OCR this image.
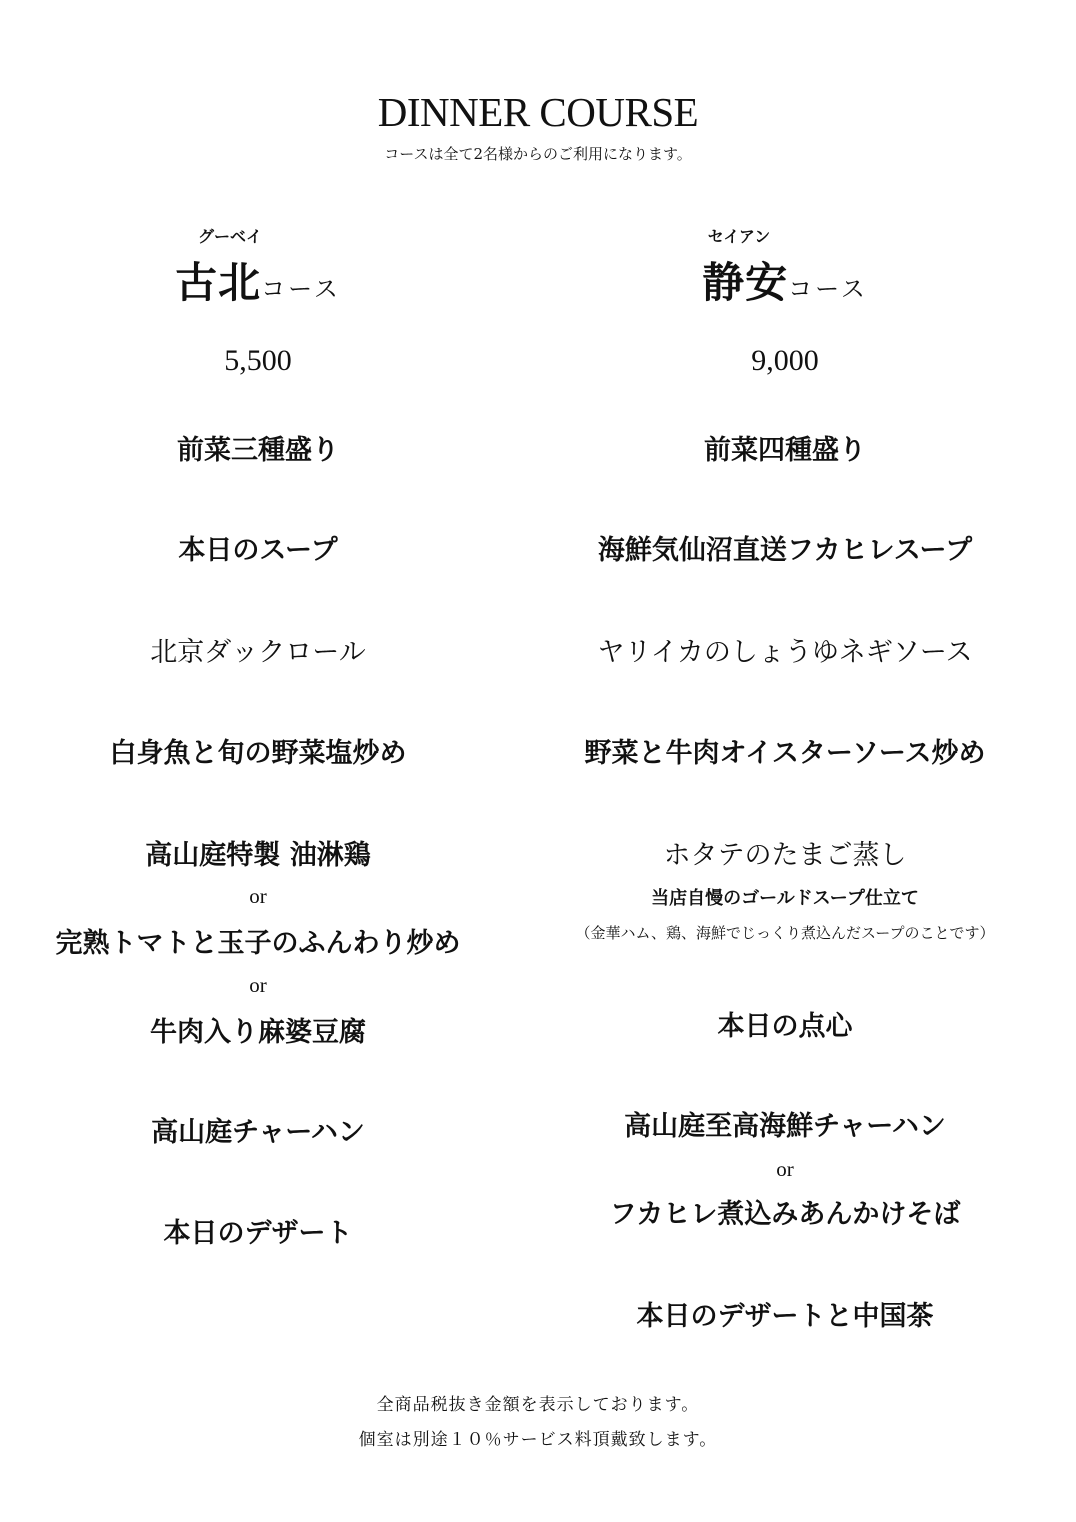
DINNER COURSE
コースは全て2名様からのご利用になります。
グーベイ
古北コース
5,500
前菜三種盛り
本日のスープ
北京ダックロール
白身魚と旬の野菜塩炒め
高山庭特製 油淋鶏
or
完熟トマトと玉子のふんわり炒め
or
牛肉入り麻婆豆腐
高山庭チャーハン
本日のデザート
セイアン
静安コース
9,000
前菜四種盛り
海鮮気仙沼直送フカヒレスープ
ヤリイカのしょうゆネギソース
野菜と牛肉オイスターソース炒め
ホタテのたまご蒸し
当店自慢のゴールドスープ仕立て
（金華ハム、鶏、海鮮でじっくり煮込んだスープのことです）
本日の点心
高山庭至高海鮮チャーハン
or
フカヒレ煮込みあんかけそば
本日のデザートと中国茶
全商品税抜き金額を表示しております。
個室は別途１０％サービス料頂戴致します。
